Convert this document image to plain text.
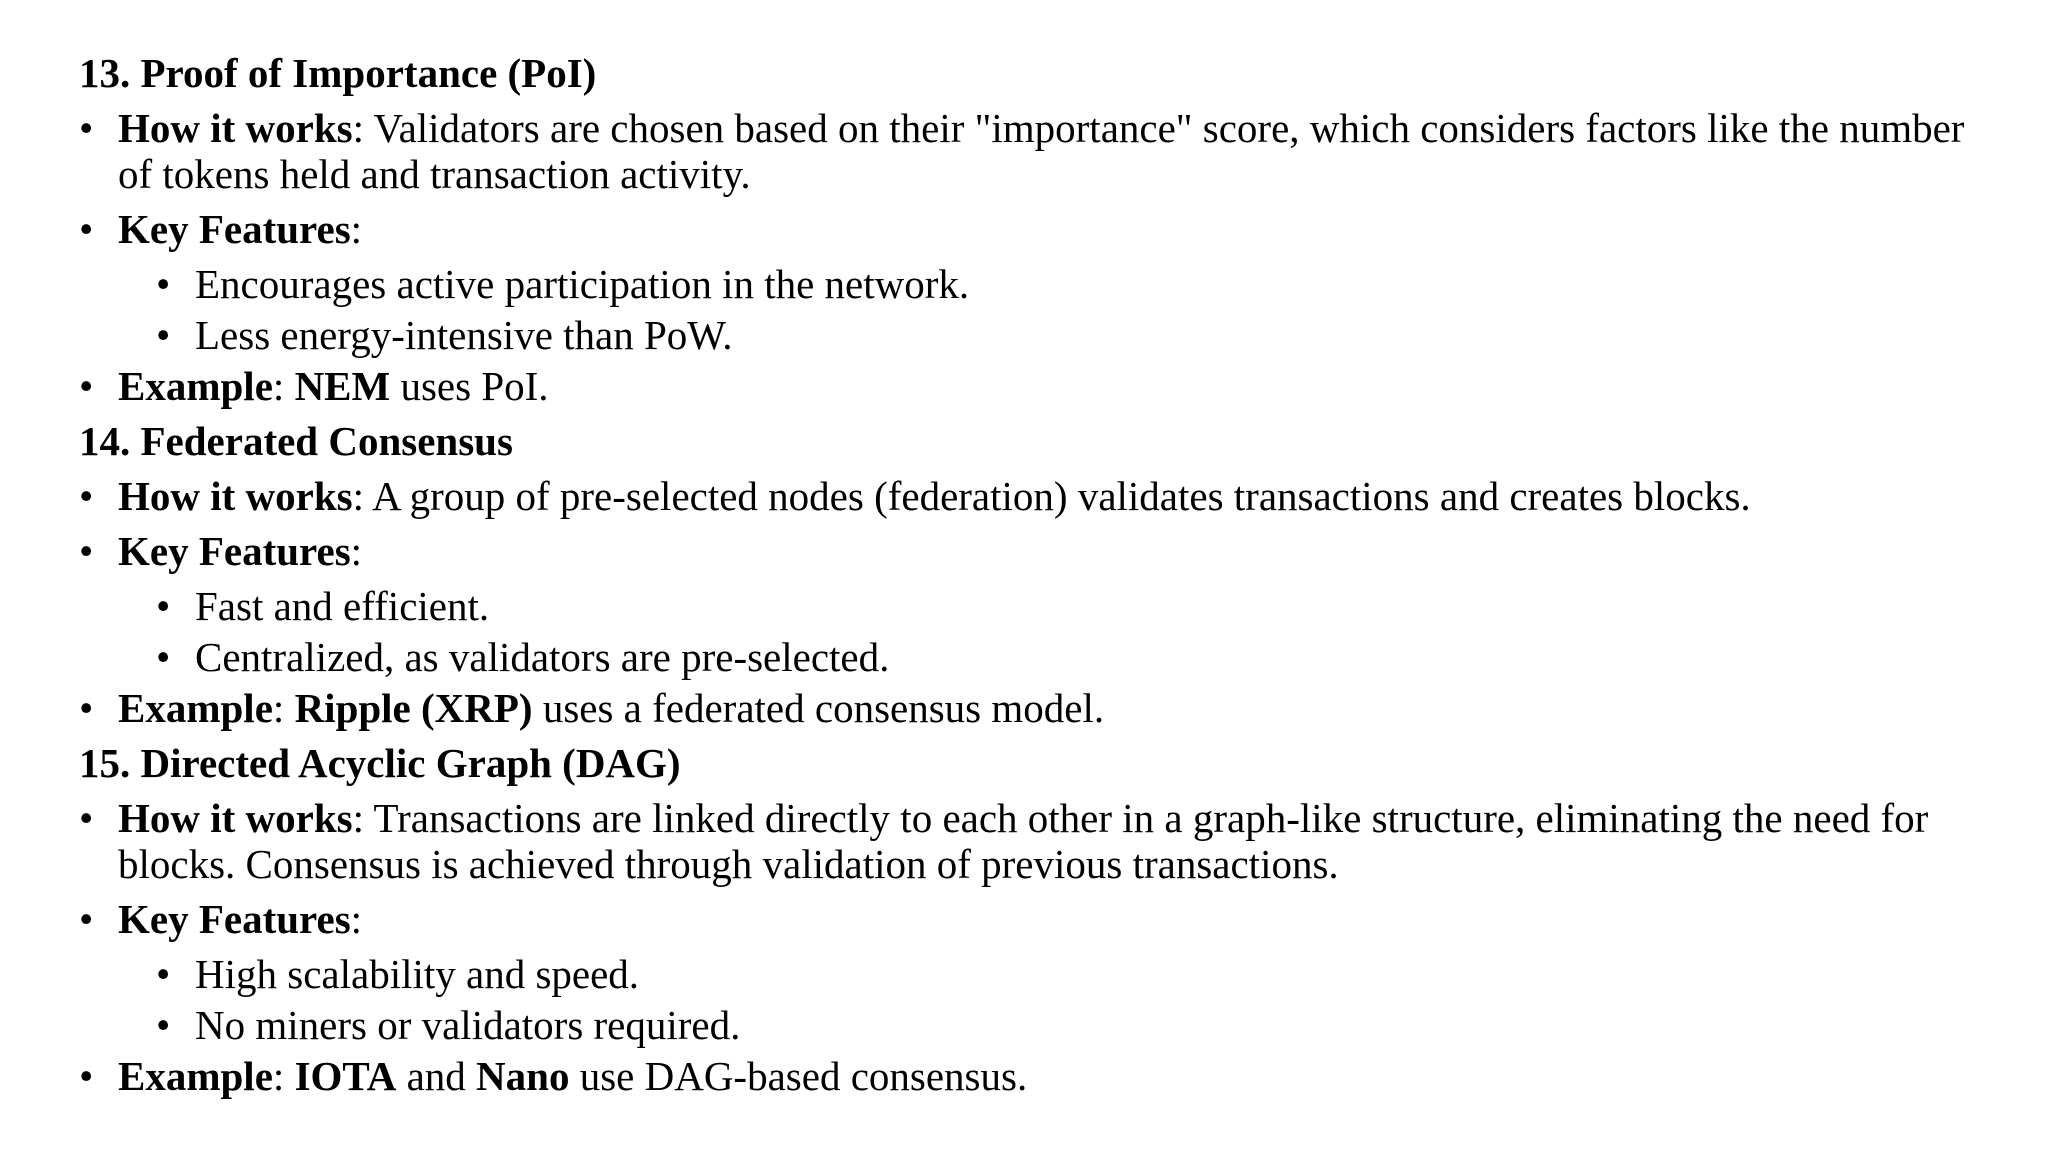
13. Proof of Importance (PoI)
• How it works: Validators are chosen based on their "importance" score, which considers factors like the number of tokens held and transaction activity.
• Key Features:
• Encourages active participation in the network.
• Less energy-intensive than PoW.
• Example: NEM uses PoI.
14. Federated Consensus
• How it works: A group of pre-selected nodes (federation) validates transactions and creates blocks.
• Key Features:
• Fast and efficient.
• Centralized, as validators are pre-selected.
• Example: Ripple (XRP) uses a federated consensus model.
15. Directed Acyclic Graph (DAG)
• How it works: Transactions are linked directly to each other in a graph-like structure, eliminating the need for blocks. Consensus is achieved through validation of previous transactions.
• Key Features:
• High scalability and speed.
• No miners or validators required.
• Example: IOTA and Nano use DAG-based consensus.
